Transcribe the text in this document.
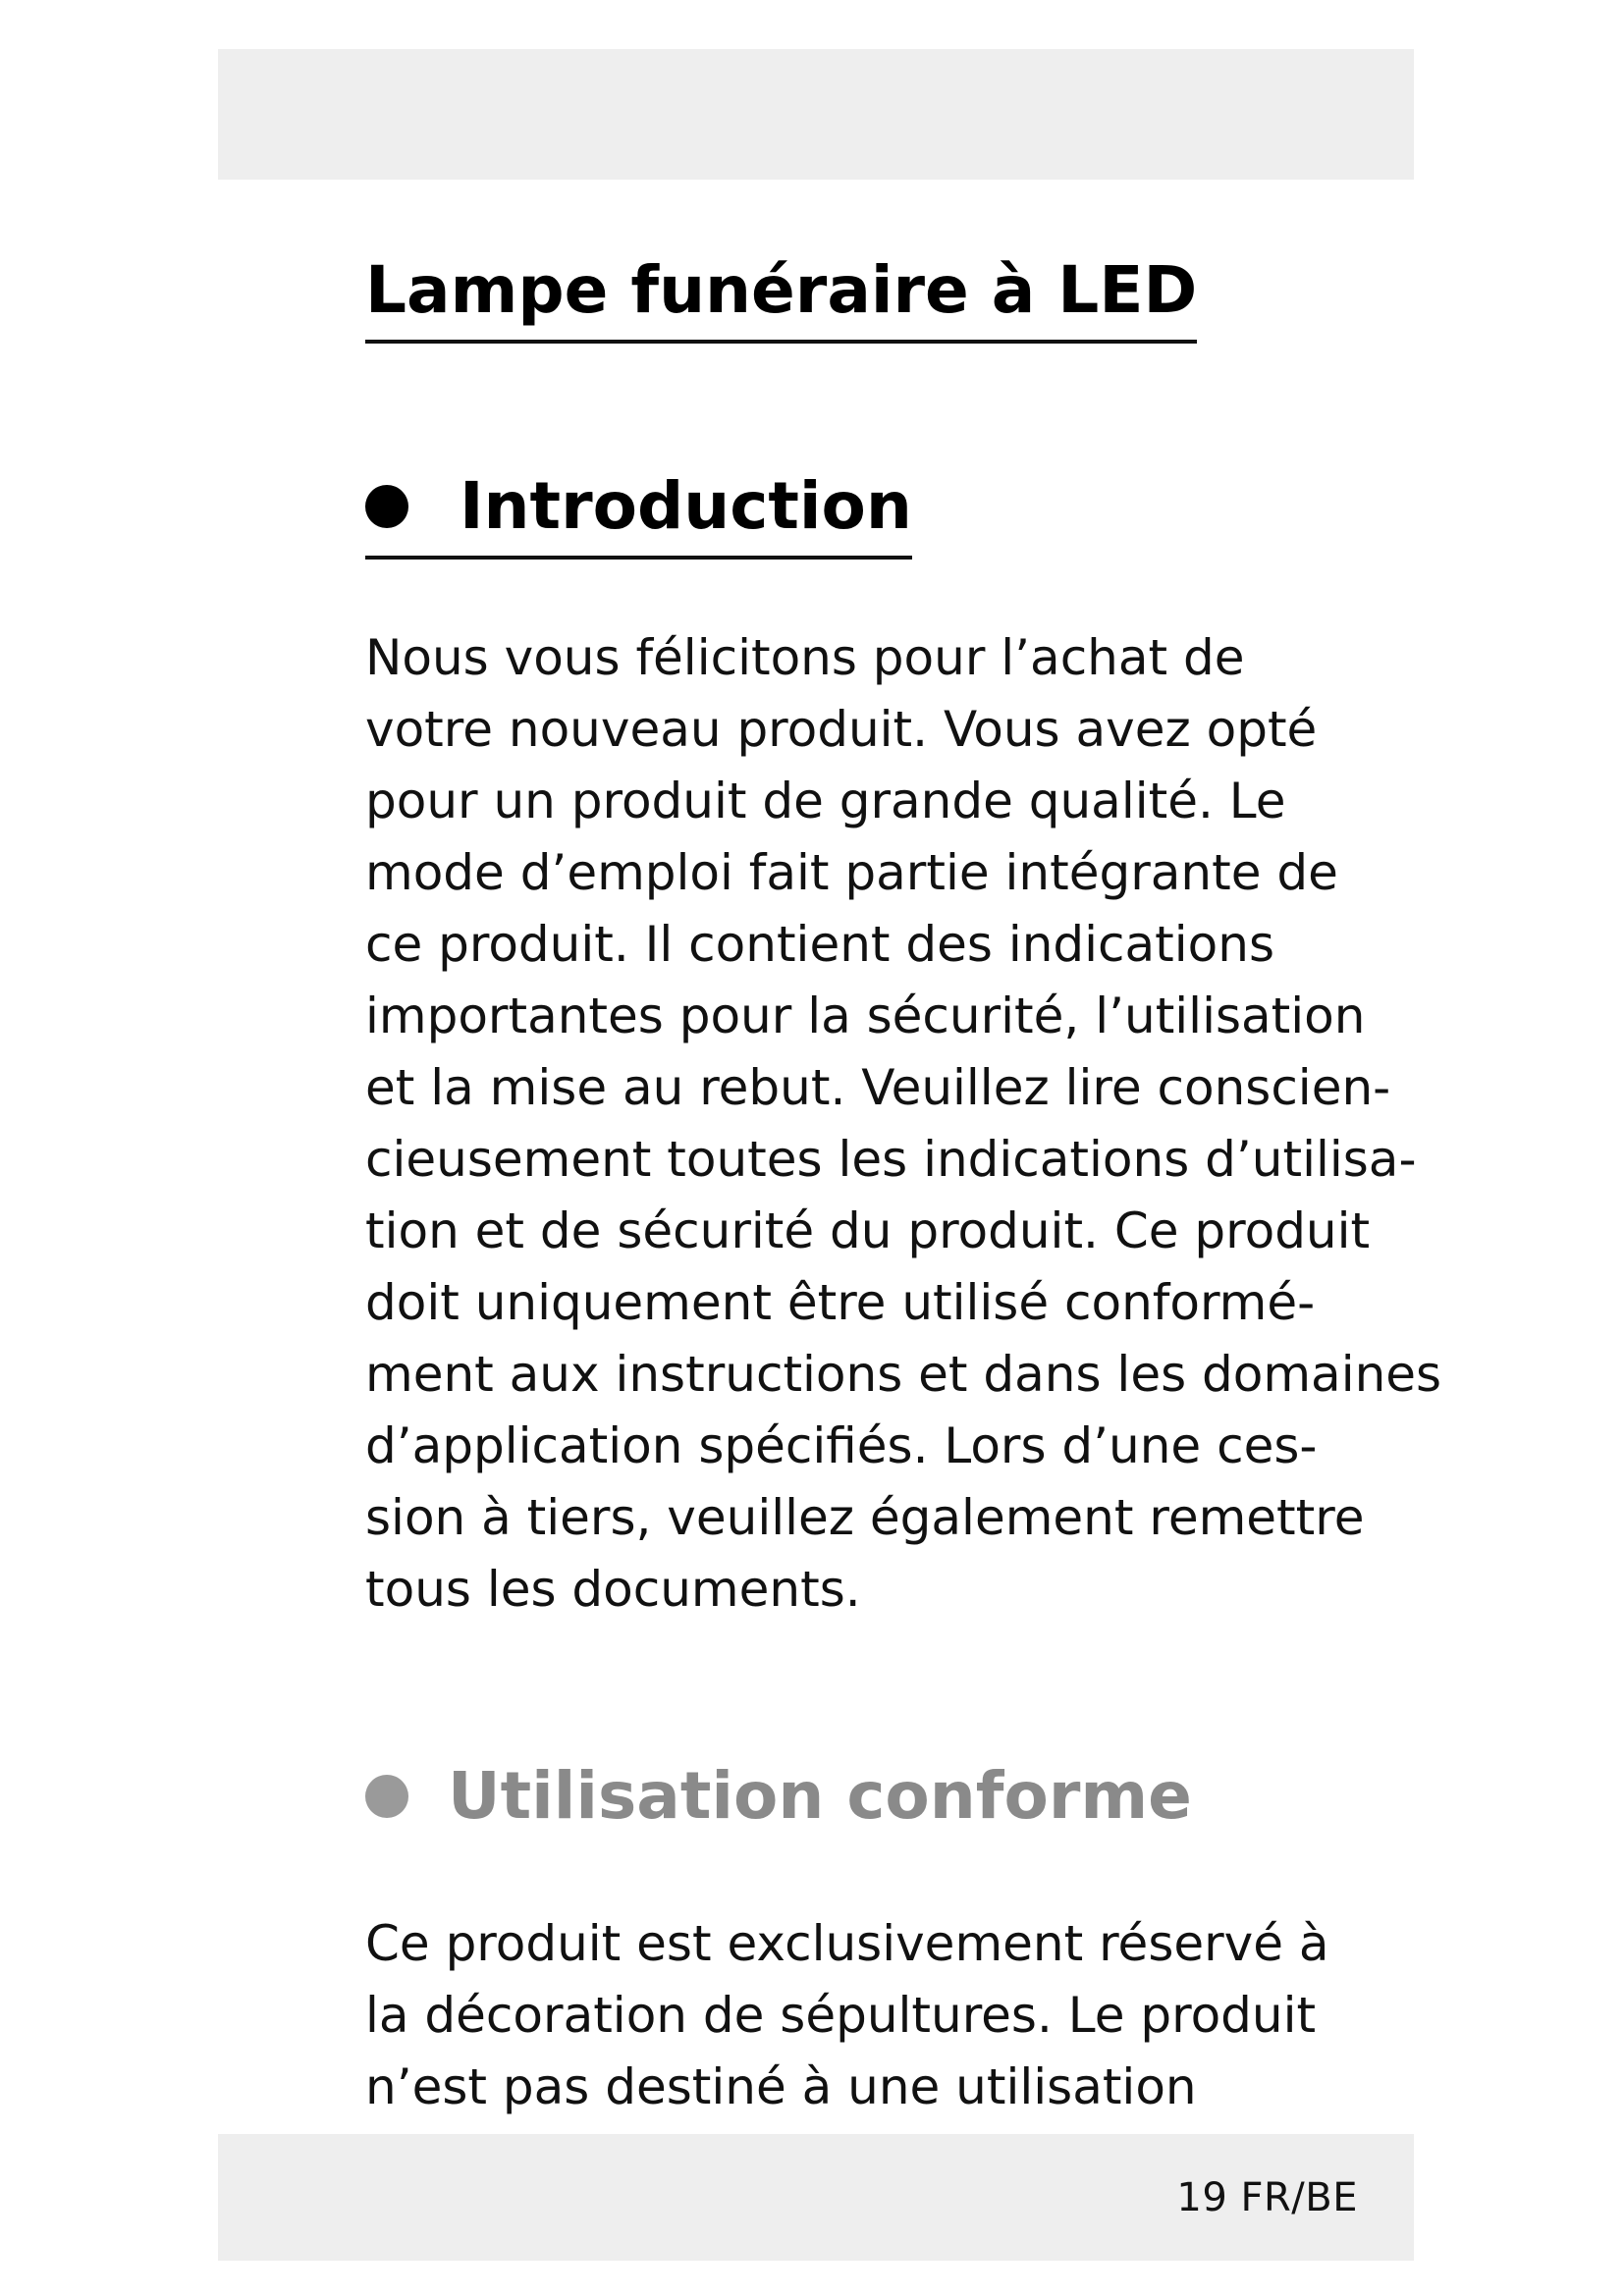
Lampe funéraire à LED
Introduction

Nous vous félicitons pour l’achat de
votre nouveau produit. Vous avez opté
pour un produit de grande qualité. Le
mode d’emploi fait partie intégrante de
ce produit. Il contient des indications
importantes pour la sécurité, l’utilisation
et la mise au rebut. Veuillez lire conscien-
cieusement toutes les indications d’utilisa-
tion et de sécurité du produit. Ce produit
doit uniquement être utilisé conformé-
ment aux instructions et dans les domaines
d’application spécifiés. Lors d’une ces-
sion à tiers, veuillez également remettre
tous les documents.

Utilisation conforme

Ce produit est exclusivement réservé à
la décoration de sépultures. Le produit
n’est pas destiné à une utilisation

19 FR/BE
